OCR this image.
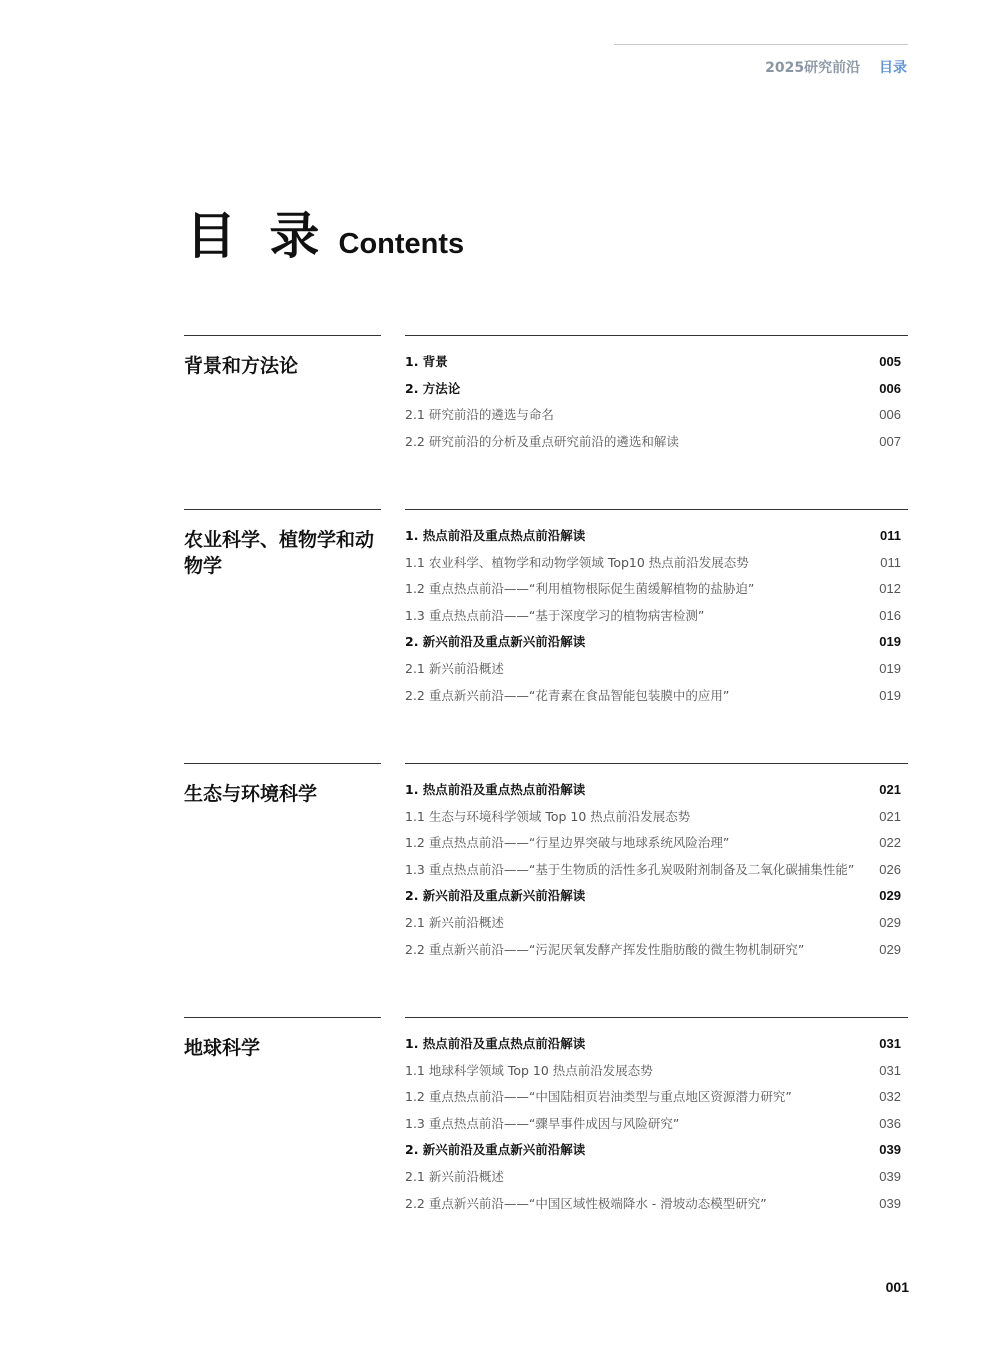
2025研究前沿 目录
目 录 Contents
背景和方法论	1. 背景	005
2. 方法论	006
2.1 研究前沿的遴选与命名	006
2.2 研究前沿的分析及重点研究前沿的遴选和解读	007
农业科学、植物学和动物学
1. 热点前沿及重点热点前沿解读	011
1.1 农业科学、植物学和动物学领域 Top10 热点前沿发展态势	011
1.2 重点热点前沿——“利用植物根际促生菌缓解植物的盐胁迫”	012
1.3 重点热点前沿——“基于深度学习的植物病害检测”	016
2. 新兴前沿及重点新兴前沿解读	019
2.1 新兴前沿概述	019
2.2 重点新兴前沿——“花青素在食品智能包装膜中的应用”	019
生态与环境科学	1. 热点前沿及重点热点前沿解读	021
1.1 生态与环境科学领域 Top 10 热点前沿发展态势	021
1.2 重点热点前沿——“行星边界突破与地球系统风险治理”	022
1.3 重点热点前沿——“基于生物质的活性多孔炭吸附剂制备及二氧化碳捕集性能” 026
2. 新兴前沿及重点新兴前沿解读	029
2.1 新兴前沿概述	029
2.2 重点新兴前沿——“污泥厌氧发酵产挥发性脂肪酸的微生物机制研究”	029
地球科学	1. 热点前沿及重点热点前沿解读	031
1.1 地球科学领域 Top 10 热点前沿发展态势	031
1.2 重点热点前沿——“中国陆相页岩油类型与重点地区资源潜力研究”	032
1.3 重点热点前沿——“骤旱事件成因与风险研究”	036
2. 新兴前沿及重点新兴前沿解读	039
2.1 新兴前沿概述	039
2.2 重点新兴前沿——“中国区域性极端降水 - 滑坡动态模型研究”	039
001
